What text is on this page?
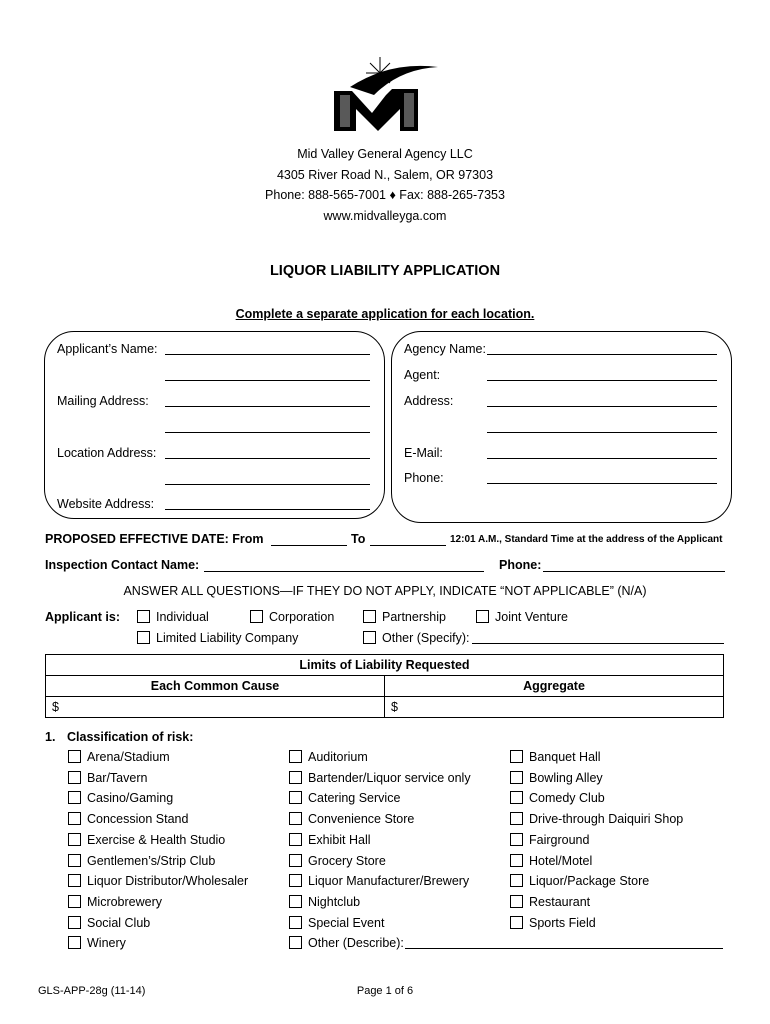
Mid Valley General Agency LLC
4305 River Road N., Salem, OR 97303
Phone: 888-565-7001 ♦ Fax: 888-265-7353
www.midvalleyga.com
LIQUOR LIABILITY APPLICATION
Complete a separate application for each location.
Applicant’s Name:
Mailing Address:
Location Address:
Website Address:
Agency Name:
Agent:
Address:
E-Mail:
Phone:
PROPOSED EFFECTIVE DATE: From	To	12:01 A.M., Standard Time at the address of the Applicant
Inspection Contact Name:	Phone:
ANSWER ALL QUESTIONS—IF THEY DO NOT APPLY, INDICATE “NOT APPLICABLE” (N/A)
Applicant is:	Individual	Corporation	Partnership	Joint Venture
Limited Liability Company	Other (Specify):
Limits of Liability Requested	
Each Common Cause	Aggregate
$	$
1. Classification of risk:
Arena/Stadium
Bar/Tavern
Casino/Gaming
Concession Stand
Exercise & Health Studio
Gentlemen’s/Strip Club
Liquor Distributor/Wholesaler
Microbrewery
Social Club
Winery
Auditorium
Bartender/Liquor service only
Catering Service
Convenience Store
Exhibit Hall
Grocery Store
Liquor Manufacturer/Brewery
Nightclub
Special Event
Other (Describe):
Banquet Hall
Bowling Alley
Comedy Club
Drive-through Daiquiri Shop
Fairground
Hotel/Motel
Liquor/Package Store
Restaurant
Sports Field
GLS-APP-28g (11-14)	Page 1 of 6
